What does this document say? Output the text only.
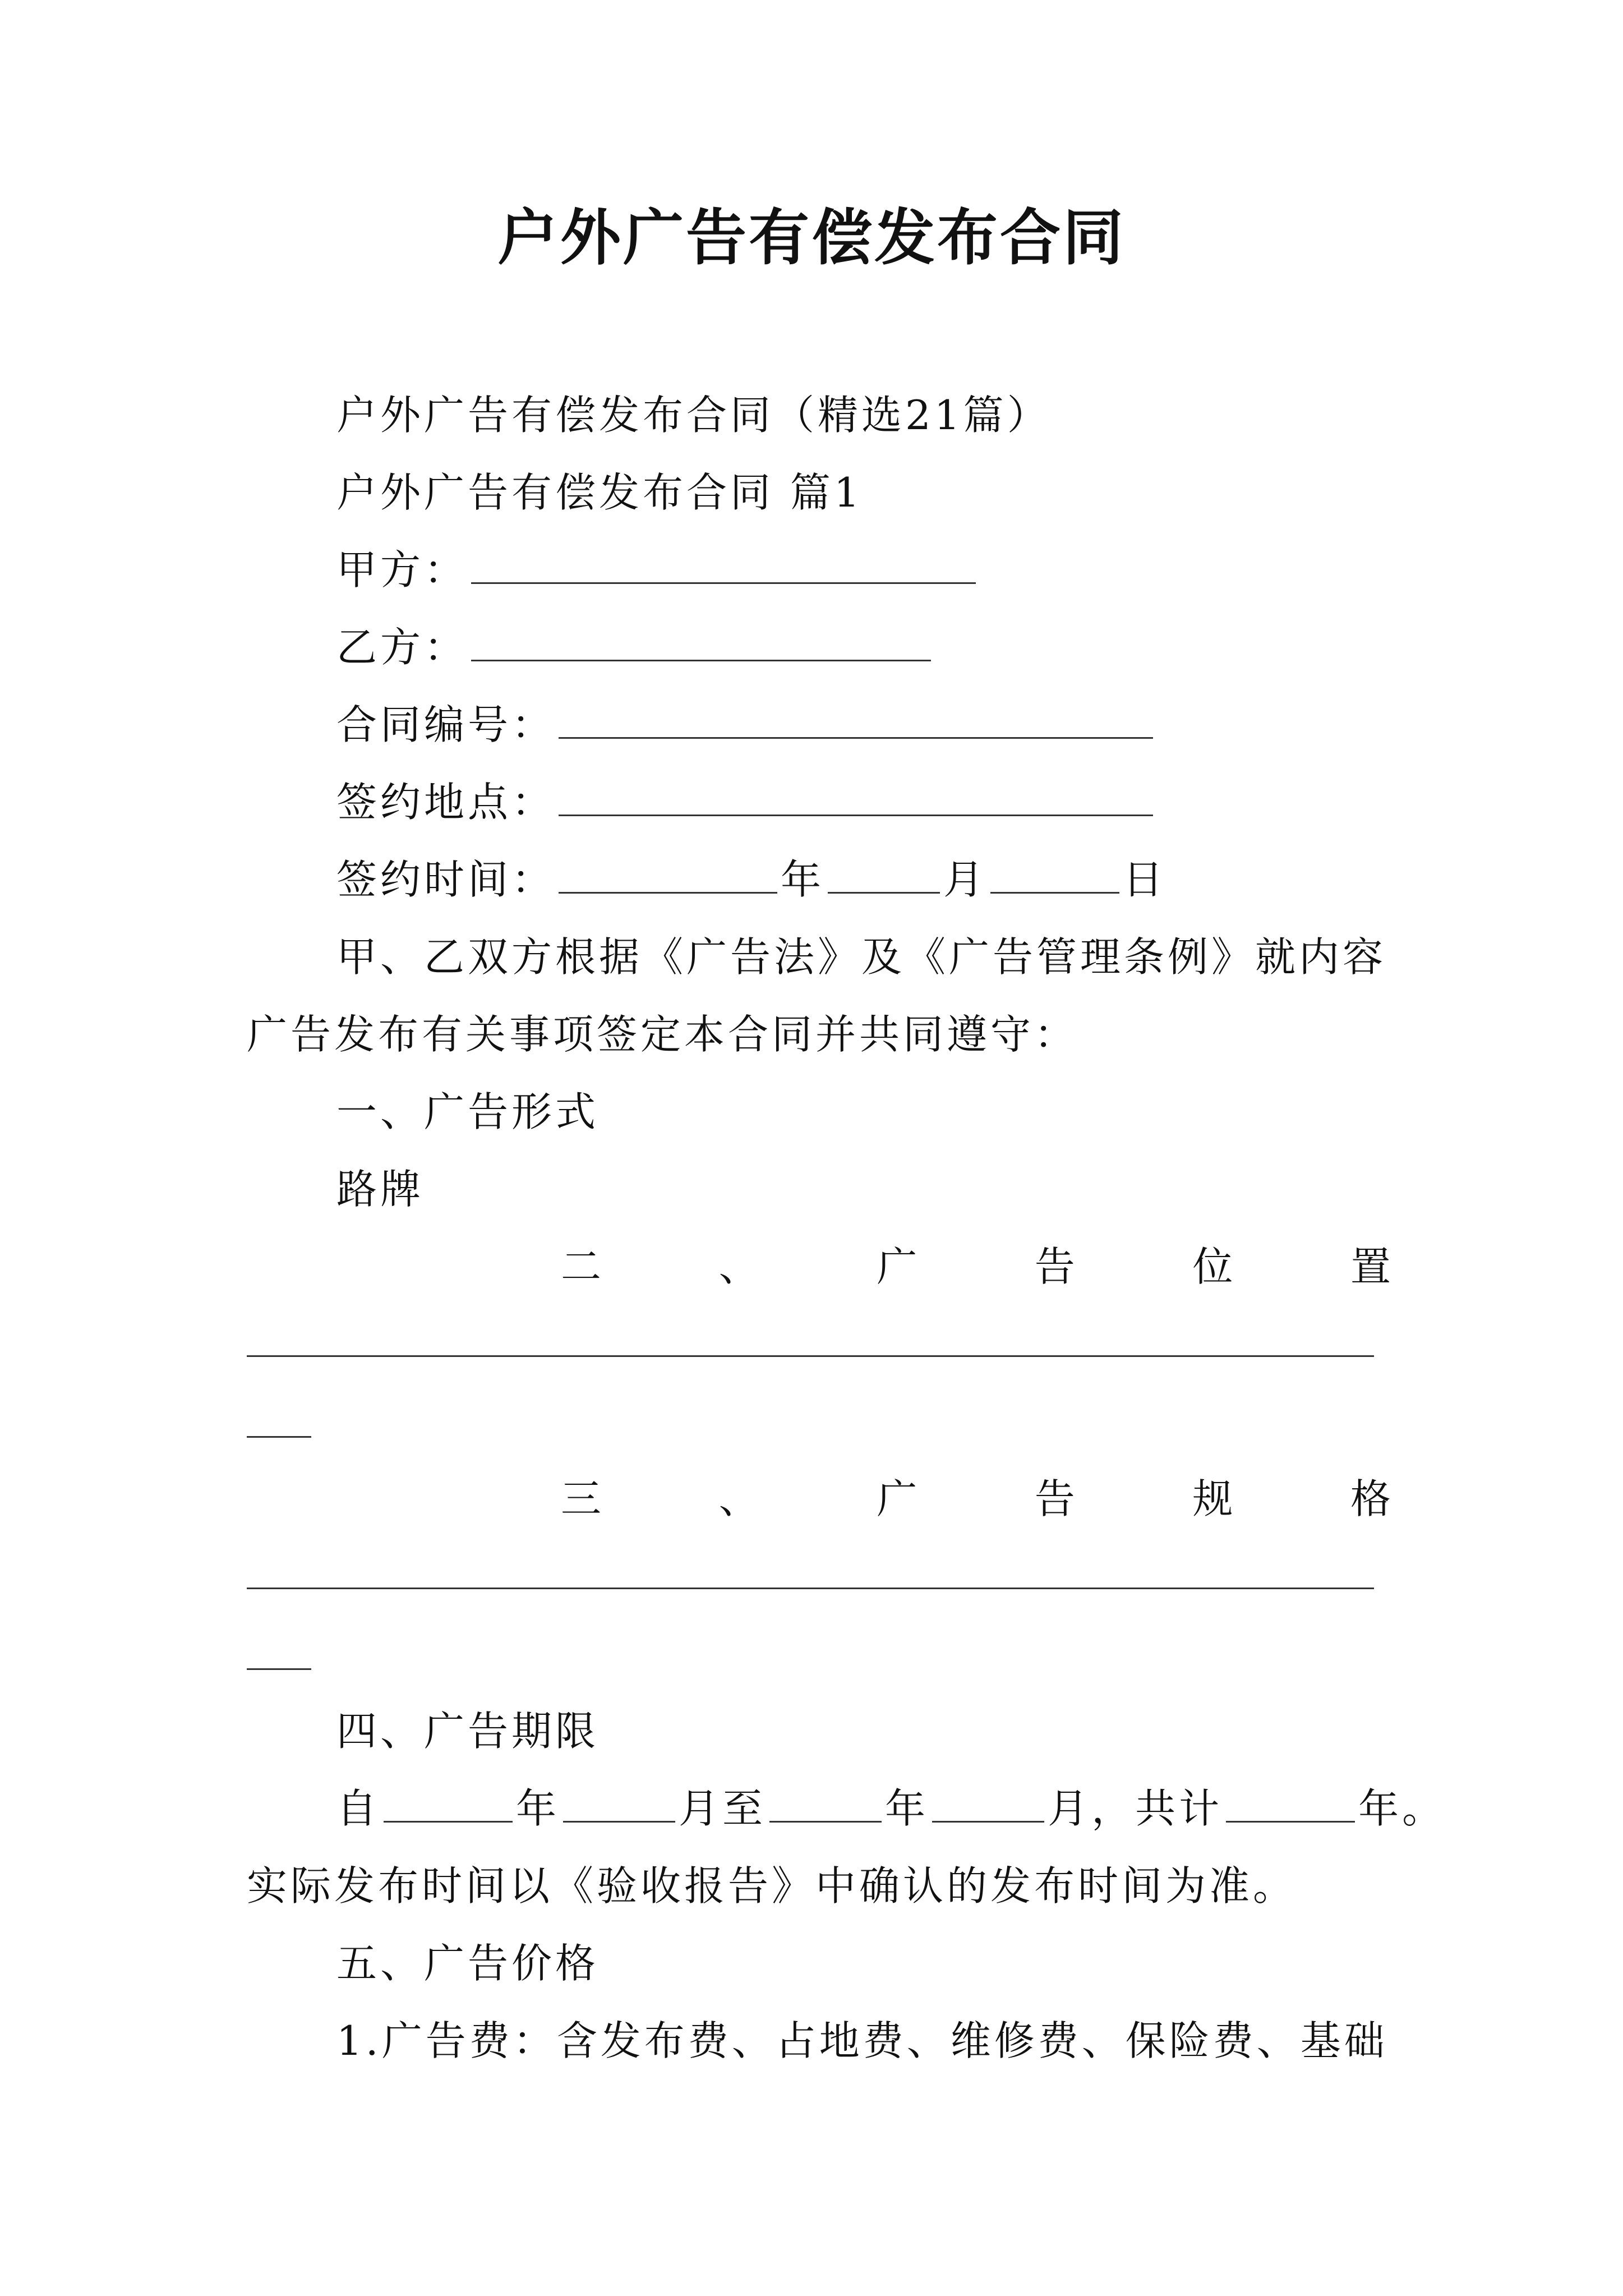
户外广告有偿发布合同
户外广告有偿发布合同（精选21篇）
户外广告有偿发布合同 篇1
甲方：
乙方：
合同编号：
签约地点：
签约时间：	年	月	日
甲、乙双方根据《广告法》及《广告管理条例》就内容
广告发布有关事项签定本合同并共同遵守：
一、广告形式
路牌
二	、	广	告	位	置
三	、	广	告	规	格
四、广告期限
自	年	月至	年	月，共计	年。
实际发布时间以《验收报告》中确认的发布时间为准。
五、广告价格
1.广告费：含发布费、占地费、维修费、保险费、基础
